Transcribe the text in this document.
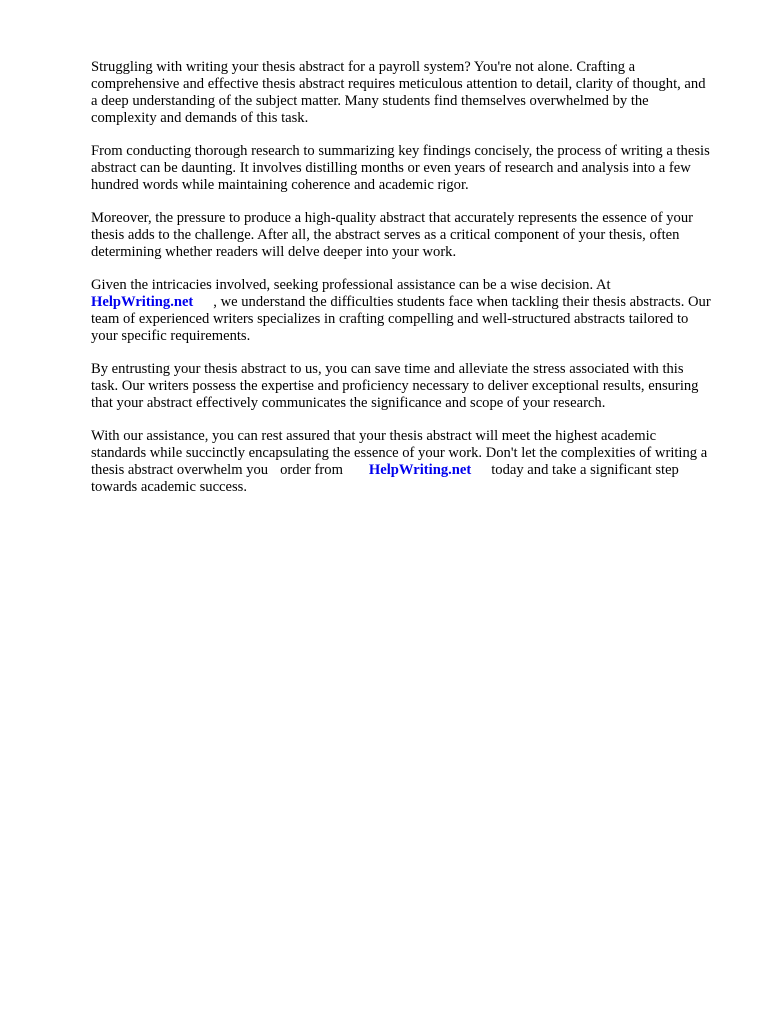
Struggling with writing your thesis abstract for a payroll system? You're not alone. Crafting a comprehensive and effective thesis abstract requires meticulous attention to detail, clarity of thought, and a deep understanding of the subject matter. Many students find themselves overwhelmed by the complexity and demands of this task.

From conducting thorough research to summarizing key findings concisely, the process of writing a thesis abstract can be daunting. It involves distilling months or even years of research and analysis into a few hundred words while maintaining coherence and academic rigor.

Moreover, the pressure to produce a high-quality abstract that accurately represents the essence of your thesis adds to the challenge. After all, the abstract serves as a critical component of your thesis, often determining whether readers will delve deeper into your work.

Given the intricacies involved, seeking professional assistance can be a wise decision. At
HelpWriting.net , we understand the difficulties students face when tackling their thesis abstracts. Our team of experienced writers specializes in crafting compelling and well-structured abstracts tailored to your specific requirements.

By entrusting your thesis abstract to us, you can save time and alleviate the stress associated with this task. Our writers possess the expertise and proficiency necessary to deliver exceptional results, ensuring that your abstract effectively communicates the significance and scope of your research.

With our assistance, you can rest assured that your thesis abstract will meet the highest academic standards while succinctly encapsulating the essence of your work. Don't let the complexities of writing a thesis abstract overwhelm you order from HelpWriting.net today and take a significant step towards academic success.
